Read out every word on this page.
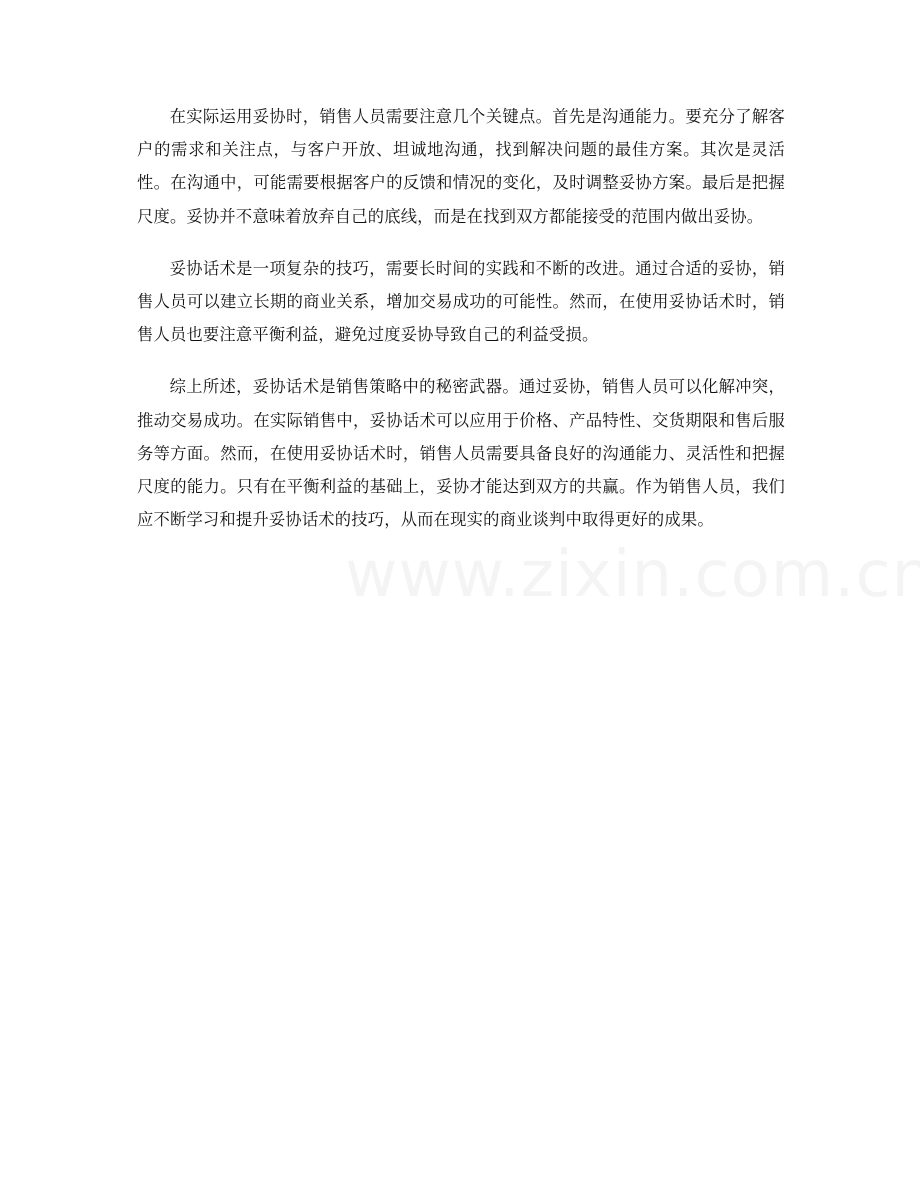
在实际运用妥协时，销售人员需要注意几个关键点。首先是沟通能力。要充分了解客户的需求和关注点，与客户开放、坦诚地沟通，找到解决问题的最佳方案。其次是灵活性。在沟通中，可能需要根据客户的反馈和情况的变化，及时调整妥协方案。最后是把握尺度。妥协并不意味着放弃自己的底线，而是在找到双方都能接受的范围内做出妥协。

妥协话术是一项复杂的技巧，需要长时间的实践和不断的改进。通过合适的妥协，销售人员可以建立长期的商业关系，增加交易成功的可能性。然而，在使用妥协话术时，销售人员也要注意平衡利益，避免过度妥协导致自己的利益受损。

综上所述，妥协话术是销售策略中的秘密武器。通过妥协，销售人员可以化解冲突，推动交易成功。在实际销售中，妥协话术可以应用于价格、产品特性、交货期限和售后服务等方面。然而，在使用妥协话术时，销售人员需要具备良好的沟通能力、灵活性和把握尺度的能力。只有在平衡利益的基础上，妥协才能达到双方的共赢。作为销售人员，我们应不断学习和提升妥协话术的技巧，从而在现实的商业谈判中取得更好的成果。
